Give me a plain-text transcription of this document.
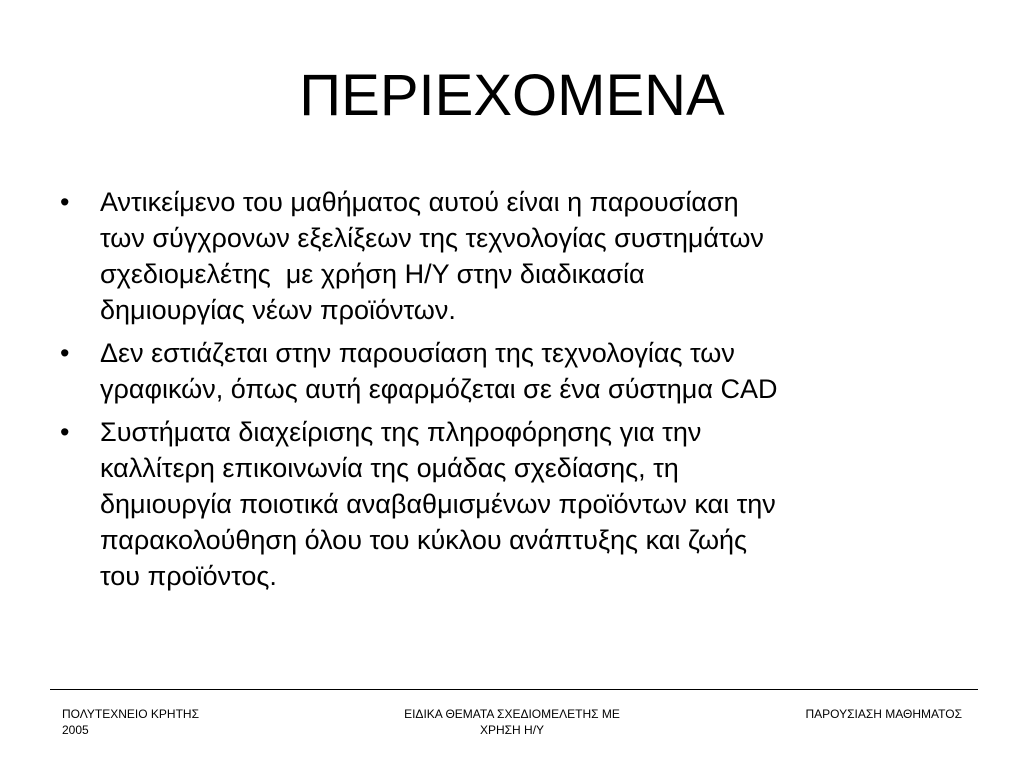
ΠΕΡΙΕΧΟΜΕΝΑ
• Αντικείμενο του μαθήματος αυτού είναι η παρουσίαση
των σύγχρονων εξελίξεων της τεχνολογίας συστημάτων
σχεδιομελέτης  με χρήση Η/Υ στην διαδικασία
δημιουργίας νέων προϊόντων.
• Δεν εστιάζεται στην παρουσίαση της τεχνολογίας των
γραφικών, όπως αυτή εφαρμόζεται σε ένα σύστημα CAD
• Συστήματα διαχείρισης της πληροφόρησης για την
καλλίτερη επικοινωνία της ομάδας σχεδίασης, τη
δημιουργία ποιοτικά αναβαθμισμένων προϊόντων και την
παρακολούθηση όλου του κύκλου ανάπτυξης και ζωής
του προϊόντος.
ΠΟΛΥΤΕΧΝΕΙΟ ΚΡΗΤΗΣ
2005
ΕΙΔΙΚΑ ΘΕΜΑΤΑ ΣΧΕΔΙΟΜΕΛΕΤΗΣ ΜΕ
ΧΡΗΣΗ Η/Υ
ΠΑΡΟΥΣΙΑΣΗ ΜΑΘΗΜΑΤΟΣ
